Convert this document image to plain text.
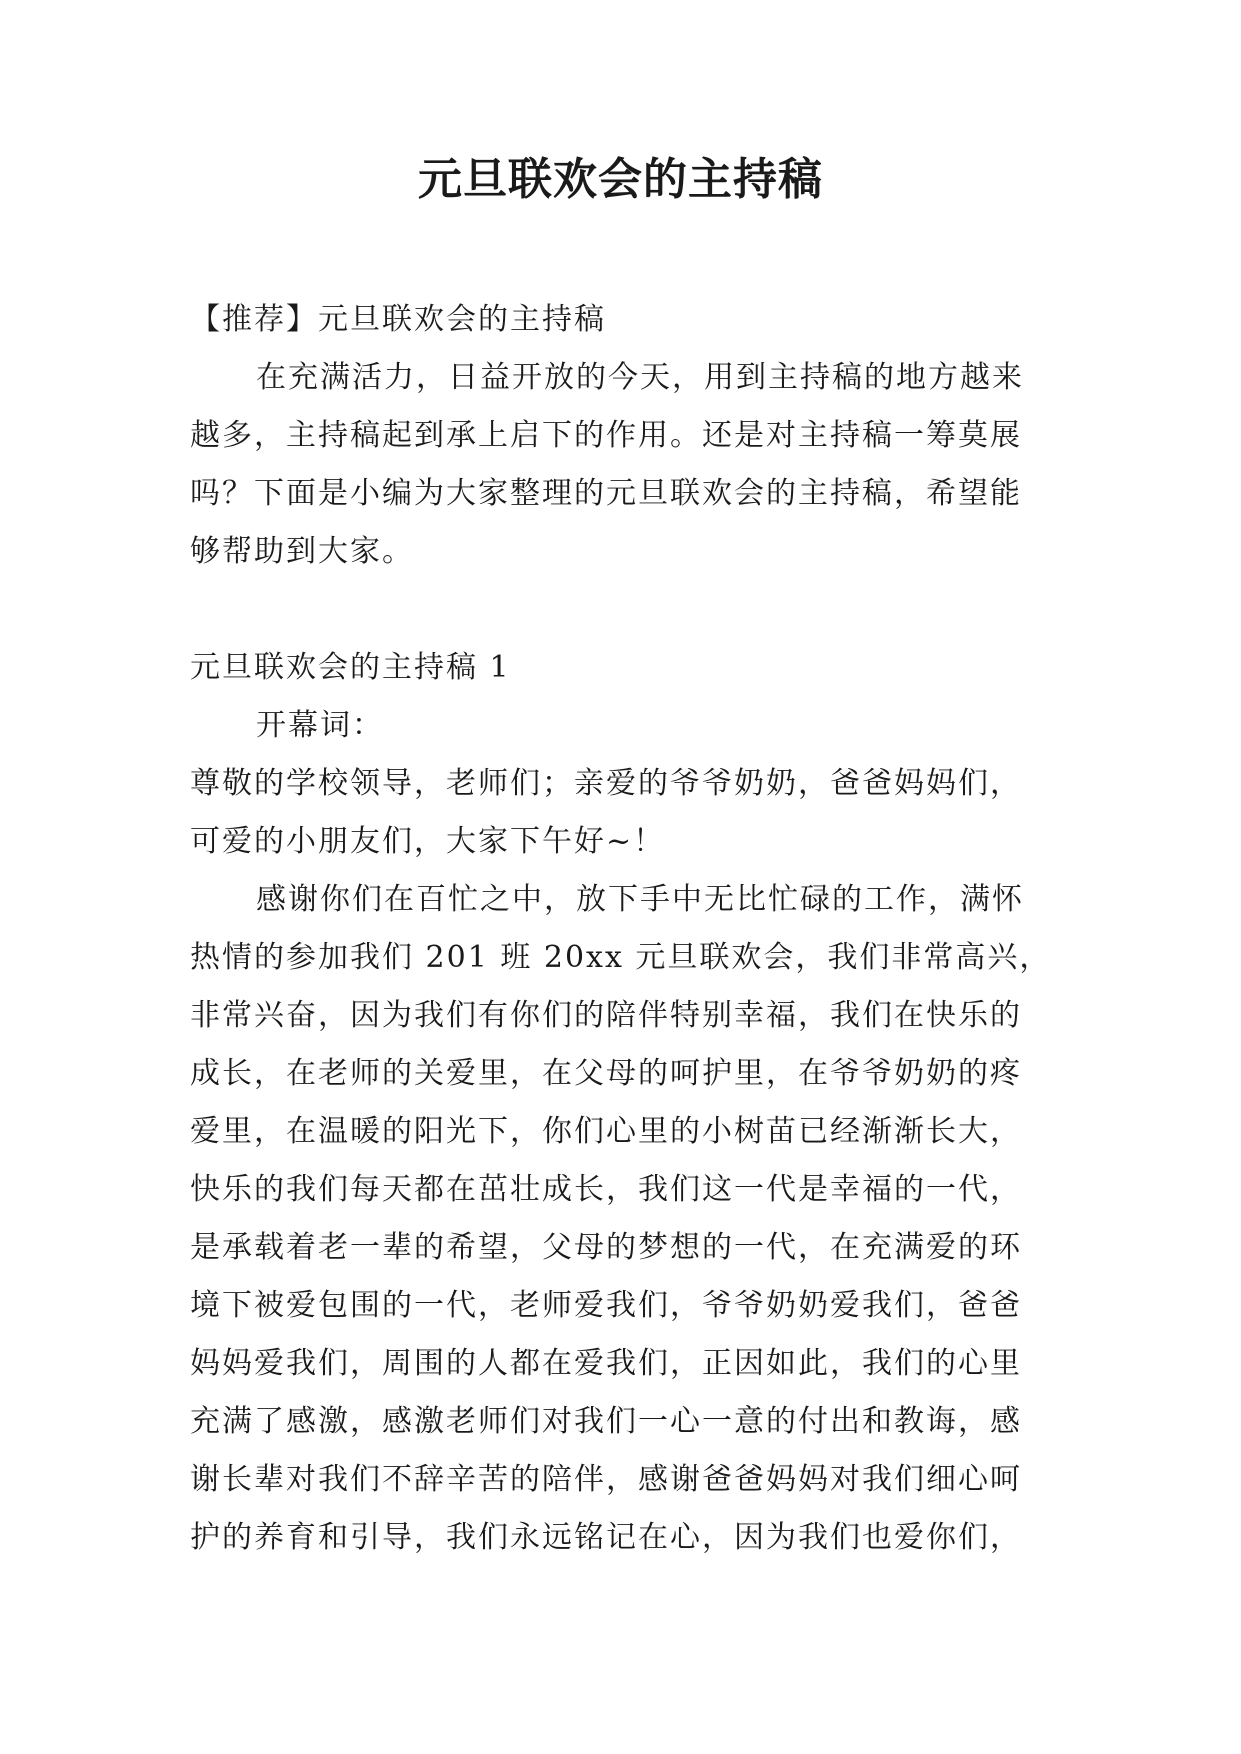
元旦联欢会的主持稿
【推荐】元旦联欢会的主持稿
在充满活力，日益开放的今天，用到主持稿的地方越来
越多，主持稿起到承上启下的作用。还是对主持稿一筹莫展
吗？下面是小编为大家整理的元旦联欢会的主持稿，希望能
够帮助到大家。
元旦联欢会的主持稿 1
开幕词：
尊敬的学校领导，老师们；亲爱的爷爷奶奶，爸爸妈妈们，
可爱的小朋友们，大家下午好~！
感谢你们在百忙之中，放下手中无比忙碌的工作，满怀
热情的参加我们 201 班 20xx 元旦联欢会，我们非常高兴，
非常兴奋，因为我们有你们的陪伴特别幸福，我们在快乐的
成长，在老师的关爱里，在父母的呵护里，在爷爷奶奶的疼
爱里，在温暖的阳光下，你们心里的小树苗已经渐渐长大，
快乐的我们每天都在茁壮成长，我们这一代是幸福的一代，
是承载着老一辈的希望，父母的梦想的一代，在充满爱的环
境下被爱包围的一代，老师爱我们，爷爷奶奶爱我们，爸爸
妈妈爱我们，周围的人都在爱我们，正因如此，我们的心里
充满了感激，感激老师们对我们一心一意的付出和教诲，感
谢长辈对我们不辞辛苦的陪伴，感谢爸爸妈妈对我们细心呵
护的养育和引导，我们永远铭记在心，因为我们也爱你们，
